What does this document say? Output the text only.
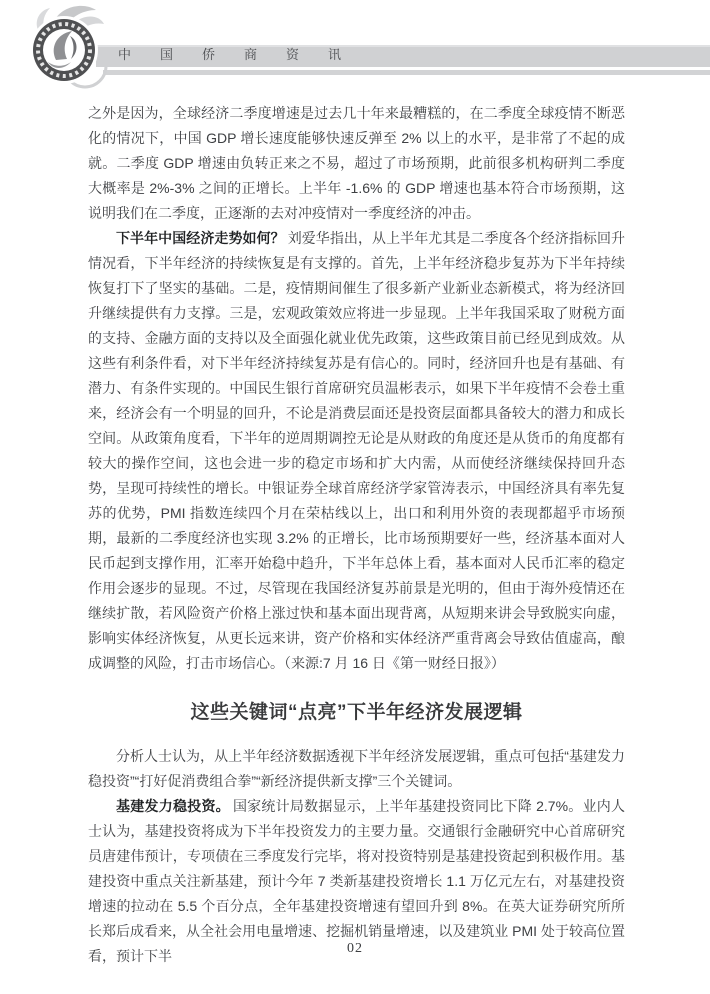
中国侨商资讯

之外是因为，全球经济二季度增速是过去几十年来最糟糕的，在二季度全球疫情不断恶化的情况下，中国 GDP 增长速度能够快速反弹至 2% 以上的水平，是非常了不起的成就。二季度 GDP 增速由负转正来之不易，超过了市场预期，此前很多机构研判二季度大概率是 2%-3% 之间的正增长。上半年 -1.6% 的 GDP 增速也基本符合市场预期，这说明我们在二季度，正逐渐的去对冲疫情对一季度经济的冲击。

下半年中国经济走势如何？ 刘爱华指出，从上半年尤其是二季度各个经济指标回升情况看，下半年经济的持续恢复是有支撑的。首先，上半年经济稳步复苏为下半年持续恢复打下了坚实的基础。二是，疫情期间催生了很多新产业新业态新模式，将为经济回升继续提供有力支撑。三是，宏观政策效应将进一步显现。上半年我国采取了财税方面的支持、金融方面的支持以及全面强化就业优先政策，这些政策目前已经见到成效。从这些有利条件看，对下半年经济持续复苏是有信心的。同时，经济回升也是有基础、有潜力、有条件实现的。中国民生银行首席研究员温彬表示，如果下半年疫情不会卷土重来，经济会有一个明显的回升，不论是消费层面还是投资层面都具备较大的潜力和成长空间。从政策角度看，下半年的逆周期调控无论是从财政的角度还是从货币的角度都有较大的操作空间，这也会进一步的稳定市场和扩大内需，从而使经济继续保持回升态势，呈现可持续性的增长。中银证券全球首席经济学家管涛表示，中国经济具有率先复苏的优势，PMI 指数连续四个月在荣枯线以上，出口和利用外资的表现都超乎市场预期，最新的二季度经济也实现 3.2% 的正增长，比市场预期要好一些，经济基本面对人民币起到支撑作用，汇率开始稳中趋升，下半年总体上看，基本面对人民币汇率的稳定作用会逐步的显现。不过，尽管现在我国经济复苏前景是光明的，但由于海外疫情还在继续扩散，若风险资产价格上涨过快和基本面出现背离，从短期来讲会导致脱实向虚，影响实体经济恢复，从更长远来讲，资产价格和实体经济严重背离会导致估值虚高，酿成调整的风险，打击市场信心。（来源:7 月 16 日《第一财经日报》）

这些关键词“点亮”下半年经济发展逻辑

分析人士认为，从上半年经济数据透视下半年经济发展逻辑，重点可包括“基建发力稳投资”“打好促消费组合拳”“新经济提供新支撑”三个关键词。

基建发力稳投资。 国家统计局数据显示，上半年基建投资同比下降 2.7%。业内人士认为，基建投资将成为下半年投资发力的主要力量。交通银行金融研究中心首席研究员唐建伟预计，专项债在三季度发行完毕，将对投资特别是基建投资起到积极作用。基建投资中重点关注新基建，预计今年 7 类新基建投资增长 1.1 万亿元左右，对基建投资增速的拉动在 5.5 个百分点，全年基建投资增速有望回升到 8%。在英大证券研究所所长郑后成看来，从全社会用电量增速、挖掘机销量增速，以及建筑业 PMI 处于较高位置看，预计下半	02
